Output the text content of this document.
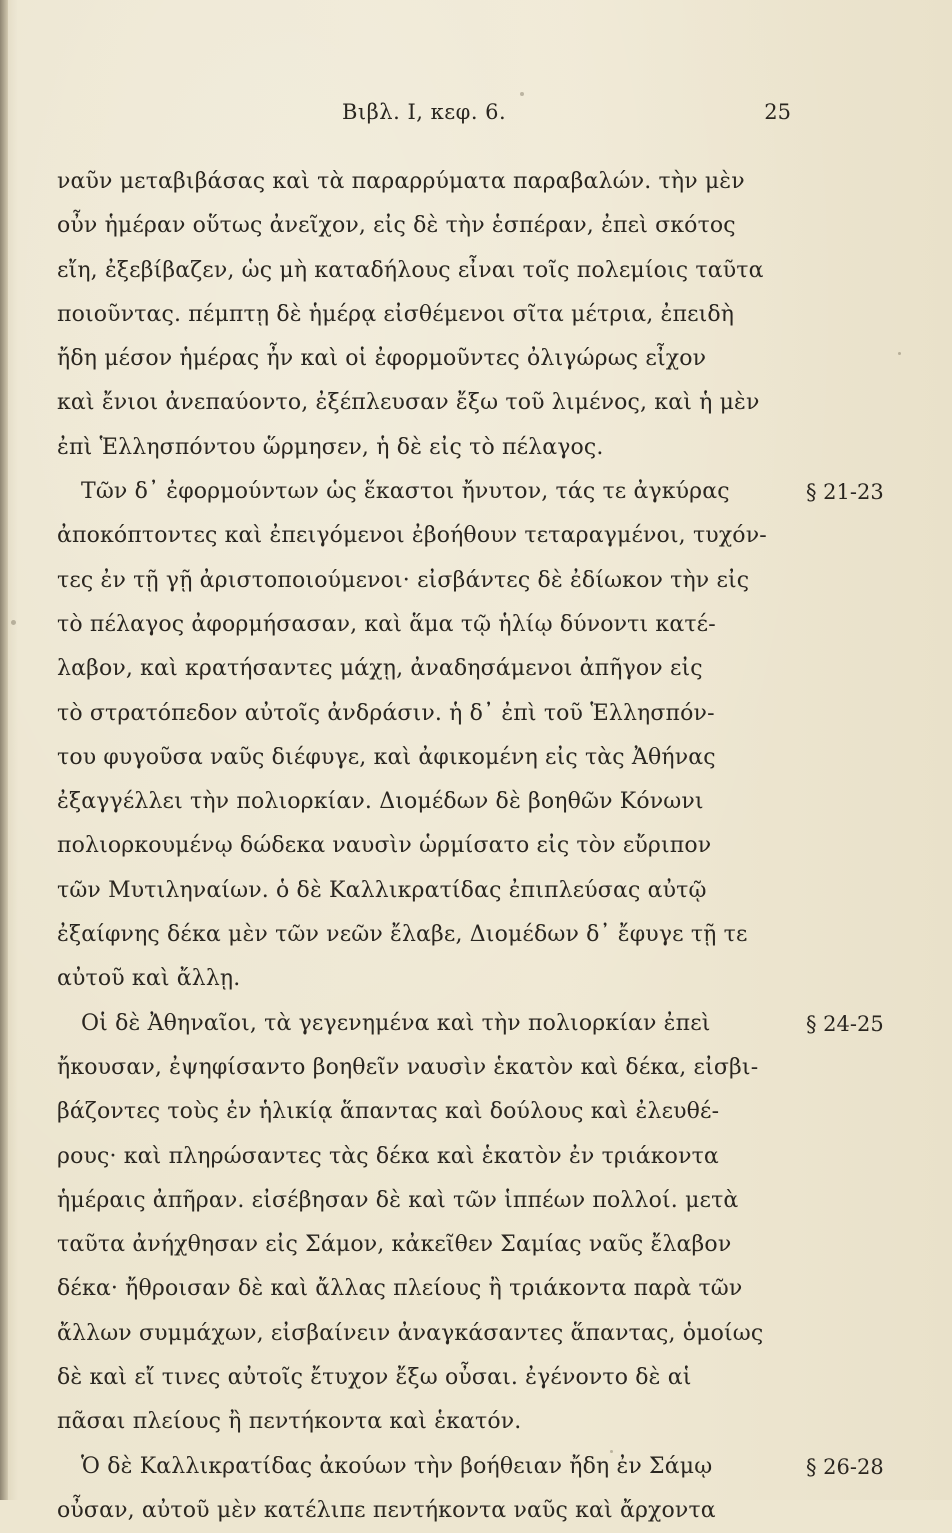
Βιβλ. Ι, κεφ. 6.	25
ναῦν μεταβιβάσας καὶ τὰ παραρρύματα παραβαλών. τὴν μὲν
οὖν ἡμέραν οὕτως ἀνεῖχον, εἰς δὲ τὴν ἑσπέραν, ἐπεὶ σκότος
εἴη, ἐξεβίβαζεν, ὡς μὴ καταδήλους εἶναι τοῖς πολεμίοις ταῦτα
ποιοῦντας. πέμπτῃ δὲ ἡμέρᾳ εἰσθέμενοι σῖτα μέτρια, ἐπειδὴ
ἤδη μέσον ἡμέρας ἦν καὶ οἱ ἐφορμοῦντες ὀλιγώρως εἶχον
καὶ ἔνιοι ἀνεπαύοντο, ἐξέπλευσαν ἔξω τοῦ λιμένος, καὶ ἡ μὲν
ἐπὶ Ἑλλησπόντου ὥρμησεν, ἡ δὲ εἰς τὸ πέλαγος.
Τῶν δ᾽ ἐφορμούντων ὡς ἕκαστοι ἤνυτον, τάς τε ἀγκύρας
ἀποκόπτοντες καὶ ἐπειγόμενοι ἐβοήθουν τεταραγμένοι, τυχόν-
τες ἐν τῇ γῇ ἀριστοποιούμενοι· εἰσβάντες δὲ ἐδίωκον τὴν εἰς
τὸ πέλαγος ἀφορμήσασαν, καὶ ἅμα τῷ ἡλίῳ δύνοντι κατέ-
λαβον, καὶ κρατήσαντες μάχῃ, ἀναδησάμενοι ἀπῆγον εἰς
τὸ στρατόπεδον αὐτοῖς ἀνδράσιν. ἡ δ᾽ ἐπὶ τοῦ Ἑλλησπόν-
του φυγοῦσα ναῦς διέφυγε, καὶ ἀφικομένη εἰς τὰς Ἀθήνας
ἐξαγγέλλει τὴν πολιορκίαν. Διομέδων δὲ βοηθῶν Κόνωνι
πολιορκουμένῳ δώδεκα ναυσὶν ὡρμίσατο εἰς τὸν εὔριπον
τῶν Μυτιληναίων. ὁ δὲ Καλλικρατίδας ἐπιπλεύσας αὐτῷ
ἐξαίφνης δέκα μὲν τῶν νεῶν ἔλαβε, Διομέδων δ᾽ ἔφυγε τῇ τε
αὐτοῦ καὶ ἄλλῃ.
Οἱ δὲ Ἀθηναῖοι, τὰ γεγενημένα καὶ τὴν πολιορκίαν ἐπεὶ
ἤκουσαν, ἐψηφίσαντο βοηθεῖν ναυσὶν ἑκατὸν καὶ δέκα, εἰσβι-
βάζοντες τοὺς ἐν ἡλικίᾳ ἅπαντας καὶ δούλους καὶ ἐλευθέ-
ρους· καὶ πληρώσαντες τὰς δέκα καὶ ἑκατὸν ἐν τριάκοντα
ἡμέραις ἀπῆραν. εἰσέβησαν δὲ καὶ τῶν ἱππέων πολλοί. μετὰ
ταῦτα ἀνήχθησαν εἰς Σάμον, κἀκεῖθεν Σαμίας ναῦς ἔλαβον
δέκα· ἤθροισαν δὲ καὶ ἄλλας πλείους ἢ τριάκοντα παρὰ τῶν
ἄλλων συμμάχων, εἰσβαίνειν ἀναγκάσαντες ἅπαντας, ὁμοίως
δὲ καὶ εἴ τινες αὐτοῖς ἔτυχον ἔξω οὖσαι. ἐγένοντο δὲ αἱ
πᾶσαι πλείους ἢ πεντήκοντα καὶ ἑκατόν.
Ὁ δὲ Καλλικρατίδας ἀκούων τὴν βοήθειαν ἤδη ἐν Σάμῳ
οὖσαν, αὐτοῦ μὲν κατέλιπε πεντήκοντα ναῦς καὶ ἄρχοντα
§ 21-23
§ 24-25
§ 26-28
